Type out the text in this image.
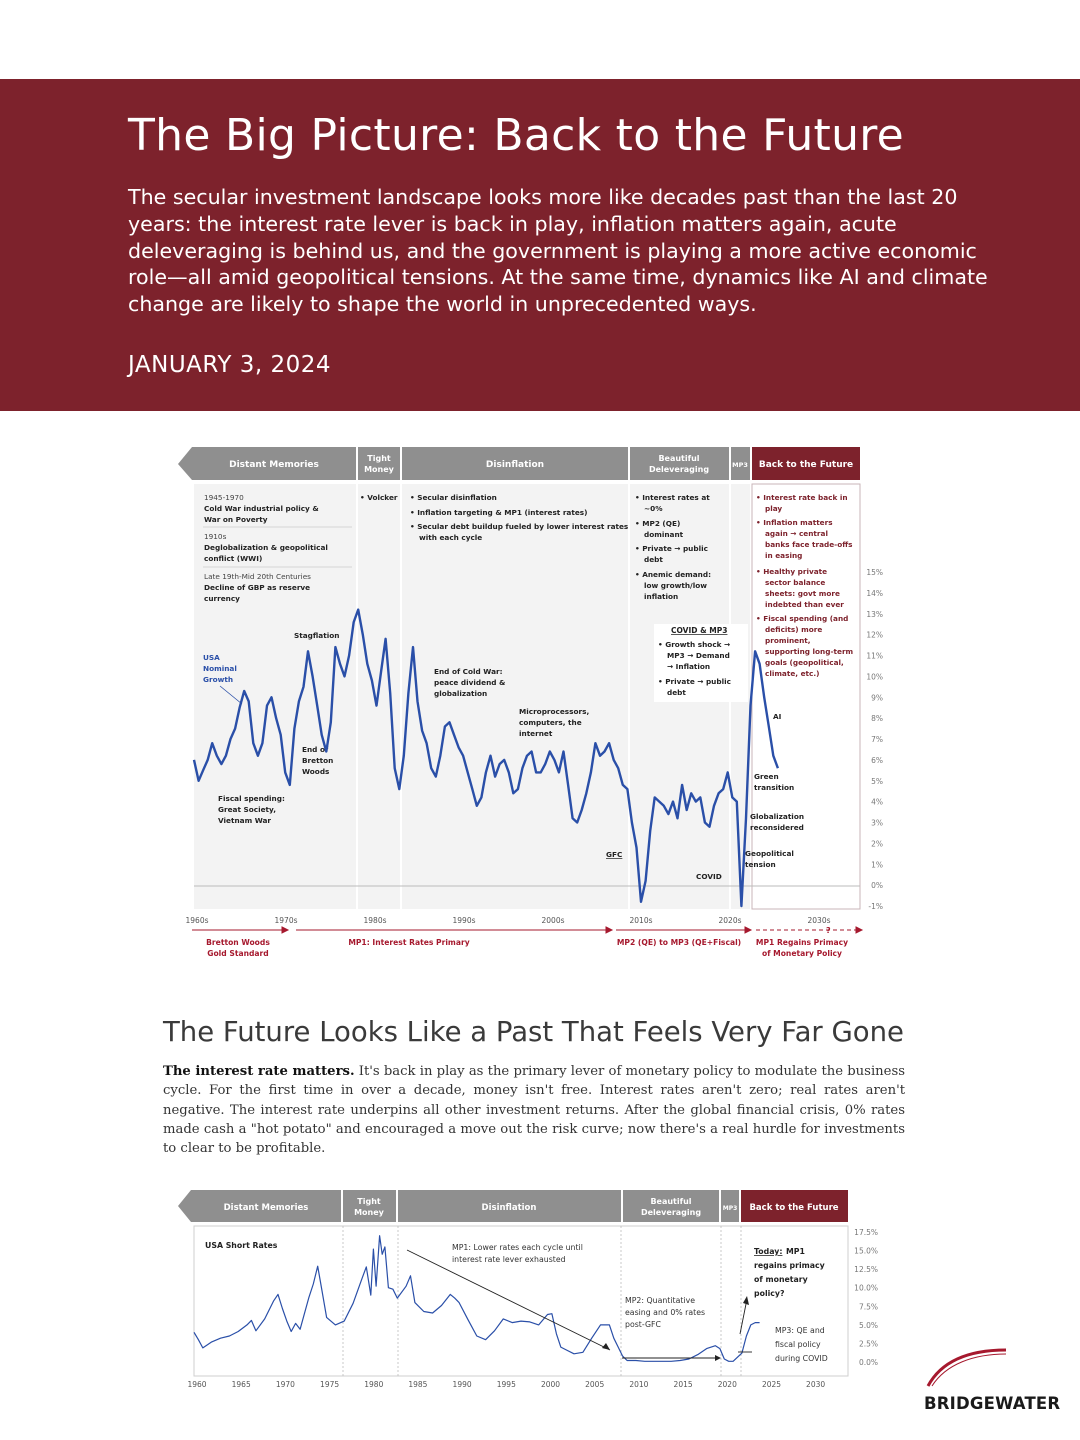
The Big Picture: Back to the Future

The secular investment landscape looks more like decades past than the last 20 years: the interest rate lever is back in play, inflation matters again, acute deleveraging is behind us, and the government is playing a more active economic role—all amid geopolitical tensions. At the same time, dynamics like AI and climate change are likely to shape the world in unprecedented ways.

JANUARY 3, 2024
Distant Memories
Tight Money	Disinflation
Beautiful Deleveraging	MP3 Back to the Future
1945-1970 Cold War industrial policy & War on Poverty 1910s Deglobalization & geopolitical conflict (WWI) Late 19th-Mid 20th Centuries Decline of GBP as reserve currency
• Volcker • Secular disinflation • Inflation targeting & MP1 (interest rates) • Secular debt buildup fueled by lower interest rates with each cycle
• Interest rates at ~0% • MP2 (QE) dominant • Private → public debt • Anemic demand: low growth/low inflation
COVID & MP3
• Growth shock → MP3 → Demand → Inflation • Private → public debt
• Interest rate back in play • Inflation matters again → central banks face trade-offs in easing • Healthy private sector balance sheets: govt more indebted than ever • Fiscal spending (and deficits) more prominent, supporting long-term goals (geopolitical, climate, etc.)
USA Nominal Growth
Stagflation
End of Bretton Woods
Fiscal spending: Great Society, Vietnam War
End of Cold War: peace dividend & globalization
Microprocessors, computers, the internet
GFC
COVID
AI
Green transition
Globalization reconsidered
Geopolitical tension
15%
14%
13%
12%
11%
10%
9%
8%
7%
6%
5%
4%
3%
2%
1%
0%
-1%
1960s	1970s	1980s	1990s	2000s	2010s	2020s	2030s
?
Bretton Woods Gold Standard
MP1: Interest Rates Primary	MP2 (QE) to MP3 (QE+Fiscal) MP1 Regains Primacy of Monetary Policy
The Future Looks Like a Past That Feels Very Far Gone

The interest rate matters. It's back in play as the primary lever of monetary policy to modulate the business cycle. For the first time in over a decade, money isn't free. Interest rates aren't zero; real rates aren't negative. The interest rate underpins all other investment returns. After the global financial crisis, 0% rates made cash a "hot potato" and encouraged a move out the risk curve; now there's a real hurdle for investments to clear to be profitable.

Distant Memories
Tight Money	Disinflation
Beautiful Deleveraging	MP3 Back to the Future
USA Short Rates
17.5%
15.0%
12.5%
10.0%
7.5%
5.0%
2.5%
0.0%
1960	1965	1970	1975	1980	1985	1990	1995	2000	2005	2010	2015	2020	2025	2030
MP1: Lower rates each cycle until interest rate lever exhausted
MP2: Quantitative easing and 0% rates post-GFC
MP3: QE and fiscal policy during COVID
Today: MP1 regains primacy of monetary policy?
BRIDGEWATER
